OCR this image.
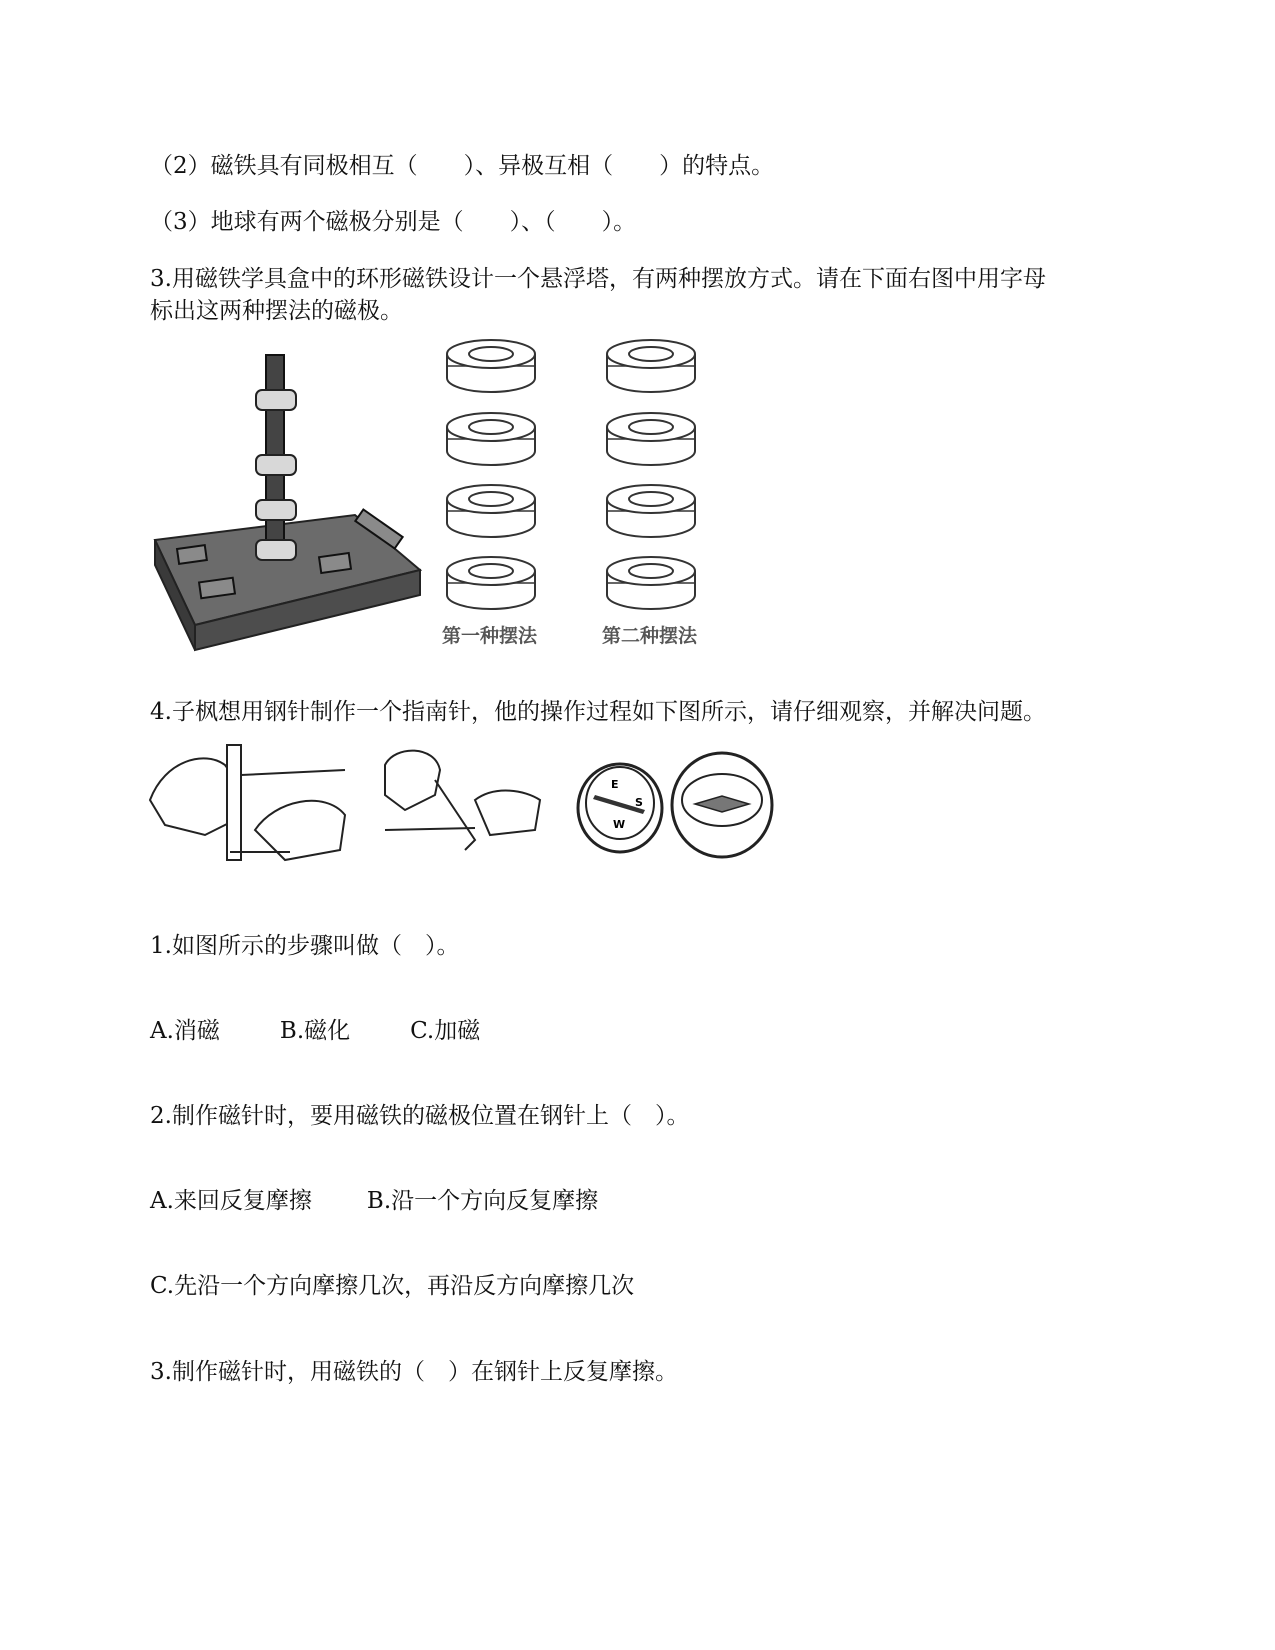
（2）磁铁具有同极相互（　　）、异极互相（　　）的特点。
（3）地球有两个磁极分别是（　　）、（　　）。
3.用磁铁学具盒中的环形磁铁设计一个悬浮塔，有两种摆放方式。请在下面右图中用字母
标出这两种摆法的磁极。
第一种摆法	第二种摆法
4.子枫想用钢针制作一个指南针，他的操作过程如下图所示，请仔细观察，并解决问题。
E
S
W
1.如图所示的步骤叫做（　）。
A.消磁	B.磁化	C.加磁
2.制作磁针时，要用磁铁的磁极位置在钢针上（　）。
A.来回反复摩擦 B.沿一个方向反复摩擦
C.先沿一个方向摩擦几次，再沿反方向摩擦几次
3.制作磁针时，用磁铁的（　）在钢针上反复摩擦。
